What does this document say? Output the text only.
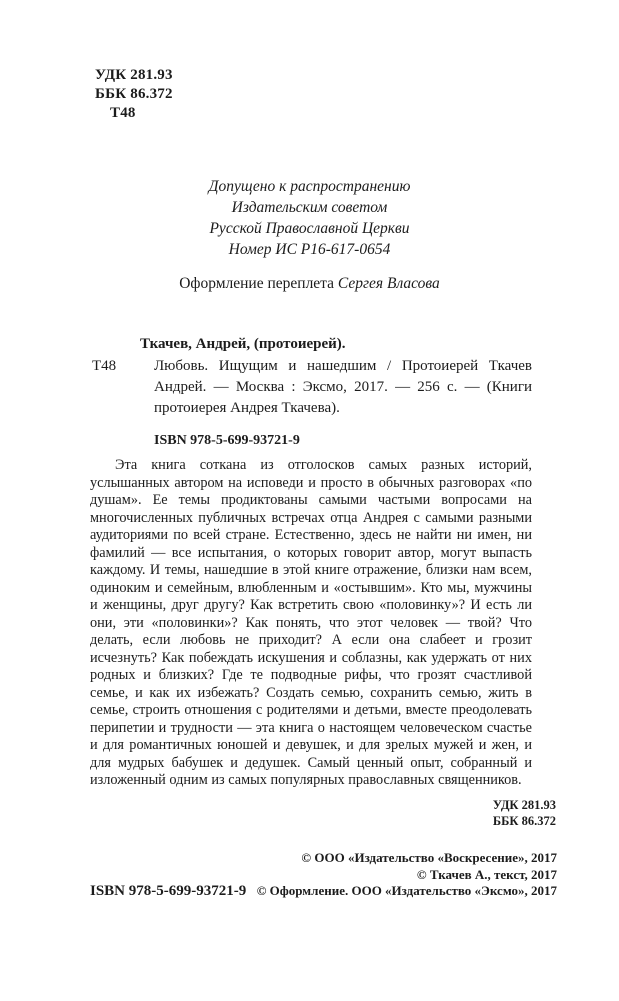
УДК 281.93
ББК 86.372
Т48
Допущено к распространению
Издательским советом
Русской Православной Церкви
Номер ИС Р16-617-0654
Оформление переплета Сергея Власова
Ткачев, Андрей, (протоиерей).
Т48	Любовь. Ищущим и нашедшим / Протоиерей Ткачев Андрей. — Москва : Эксмо, 2017. — 256 с. — (Книги протоиерея Андрея Ткачева).
ISBN 978-5-699-93721-9

Эта книга соткана из отголосков самых разных историй, услышанных автором на исповеди и просто в обычных разговорах «по душам». Ее темы продиктованы самыми частыми вопросами на многочисленных публичных встречах отца Андрея с самыми разными аудиториями по всей стране. Естественно, здесь не найти ни имен, ни фамилий — все испытания, о которых говорит автор, могут выпасть каждому. И темы, нашедшие в этой книге отражение, близки нам всем, одиноким и семейным, влюбленным и «остывшим». Кто мы, мужчины и женщины, друг другу? Как встретить свою «половинку»? И есть ли они, эти «половинки»? Как понять, что этот человек — твой? Что делать, если любовь не приходит? А если она слабеет и грозит исчезнуть? Как побеждать искушения и соблазны, как удержать от них родных и близких? Где те подводные рифы, что грозят счастливой семье, и как их избежать? Создать семью, сохранить семью, жить в семье, строить отношения с родителями и детьми, вместе преодолевать перипетии и трудности — эта книга о настоящем человеческом счастье и для романтичных юношей и девушек, и для зрелых мужей и жен, и для мудрых бабушек и дедушек. Самый ценный опыт, собранный и изложенный одним из самых популярных православных священников.

УДК 281.93
ББК 86.372
ISBN 978-5-699-93721-9
© ООО «Издательство «Воскресение», 2017
© Ткачев А., текст, 2017
© Оформление. ООО «Издательство «Эксмо», 2017
